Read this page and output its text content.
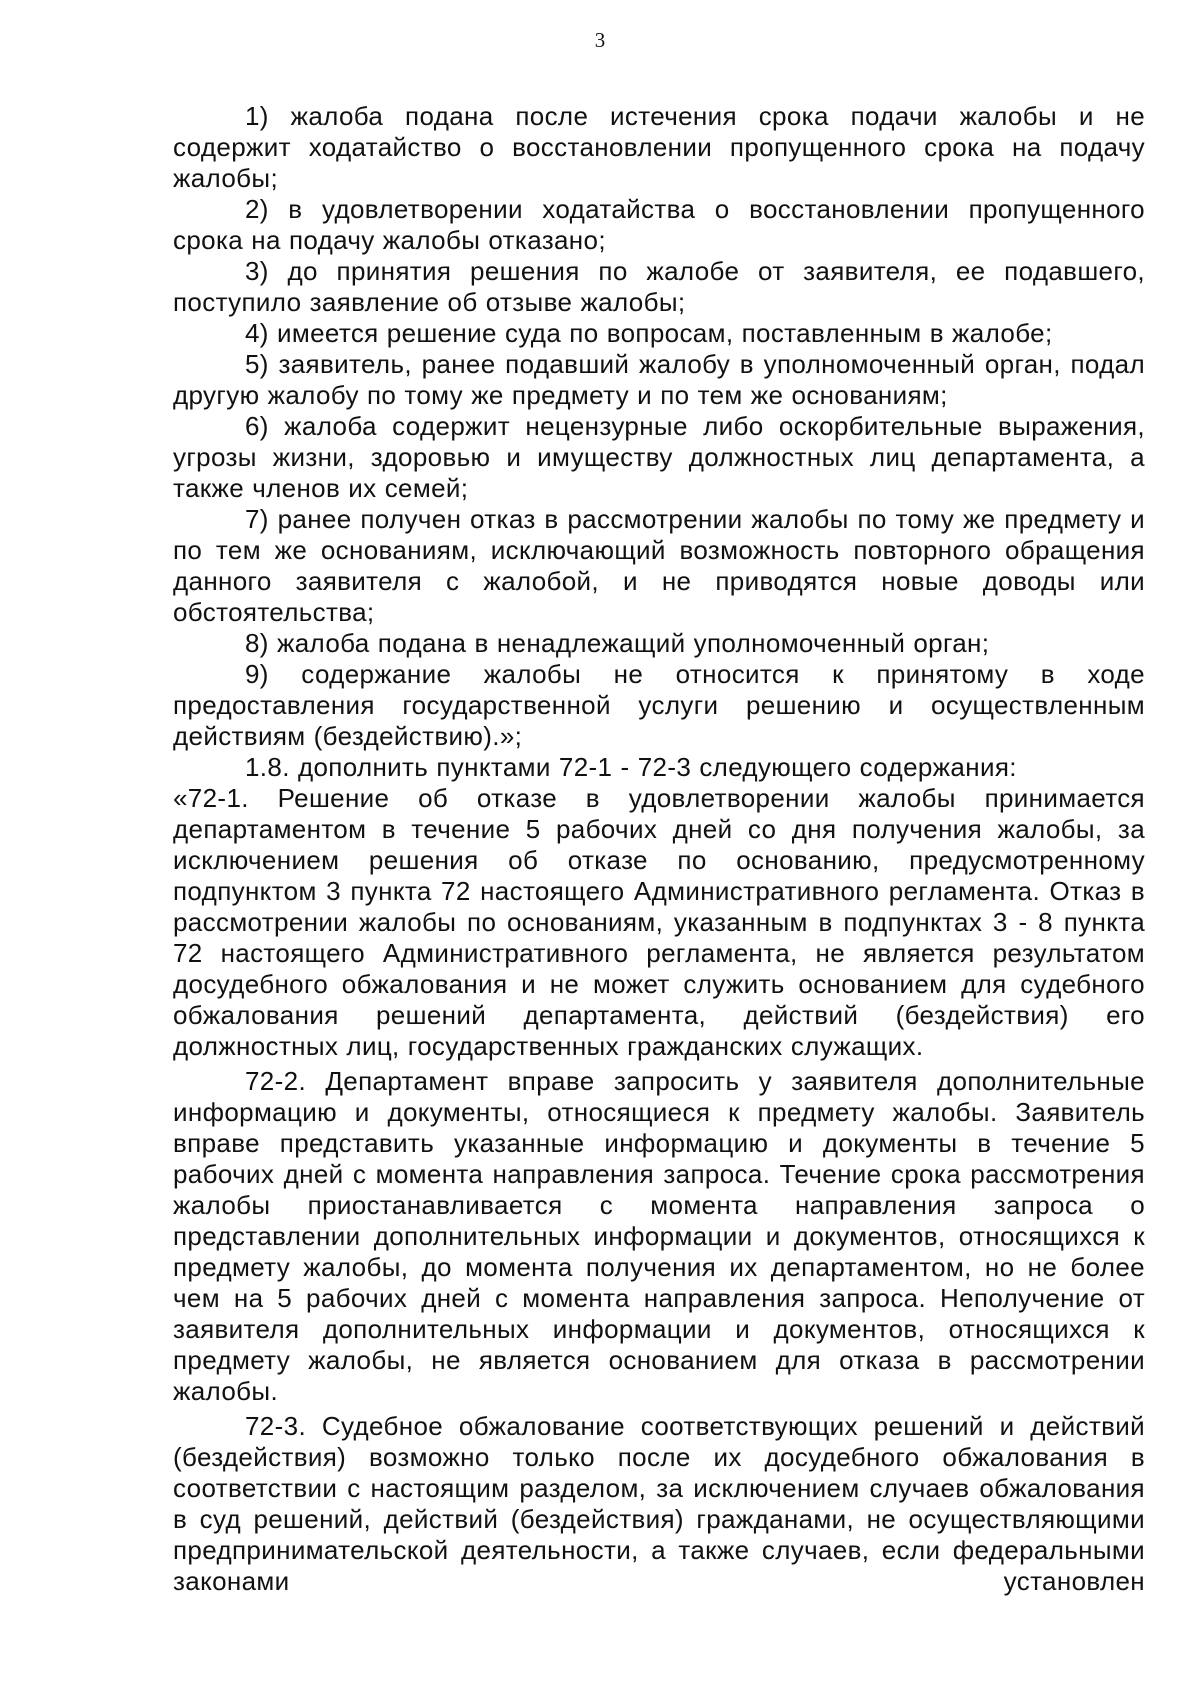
3

1) жалоба подана после истечения срока подачи жалобы и не содержит ходатайство о восстановлении пропущенного срока на подачу жалобы;

2) в удовлетворении ходатайства о восстановлении пропущенного срока на подачу жалобы отказано;

3) до принятия решения по жалобе от заявителя, ее подавшего, поступило заявление об отзыве жалобы;

4) имеется решение суда по вопросам, поставленным в жалобе;

5) заявитель, ранее подавший жалобу в уполномоченный орган, подал другую жалобу по тому же предмету и по тем же основаниям;

6) жалоба содержит нецензурные либо оскорбительные выражения, угрозы жизни, здоровью и имуществу должностных лиц департамента, а также членов их семей;

7) ранее получен отказ в рассмотрении жалобы по тому же предмету и по тем же основаниям, исключающий возможность повторного обращения данного заявителя с жалобой, и не приводятся новые доводы или обстоятельства;

8) жалоба подана в ненадлежащий уполномоченный орган;

9) содержание жалобы не относится к принятому в ходе предоставления государственной услуги решению и осуществленным действиям (бездействию).»;

1.8. дополнить пунктами 72-1 - 72-3 следующего содержания:

«72-1. Решение об отказе в удовлетворении жалобы принимается департаментом в течение 5 рабочих дней со дня получения жалобы, за исключением решения об отказе по основанию, предусмотренному подпунктом 3 пункта 72 настоящего Административного регламента. Отказ в рассмотрении жалобы по основаниям, указанным в подпунктах 3 - 8 пункта 72 настоящего Административного регламента, не является результатом досудебного обжалования и не может служить основанием для судебного обжалования решений департамента, действий (бездействия) его должностных лиц, государственных гражданских служащих.

72-2. Департамент вправе запросить у заявителя дополнительные информацию и документы, относящиеся к предмету жалобы. Заявитель вправе представить указанные информацию и документы в течение 5 рабочих дней с момента направления запроса. Течение срока рассмотрения жалобы приостанавливается с момента направления запроса о представлении дополнительных информации и документов, относящихся к предмету жалобы, до момента получения их департаментом, но не более чем на 5 рабочих дней с момента направления запроса. Неполучение от заявителя дополнительных информации и документов, относящихся к предмету жалобы, не является основанием для отказа в рассмотрении жалобы.

72-3. Судебное обжалование соответствующих решений и действий (бездействия) возможно только после их досудебного обжалования в соответствии с настоящим разделом, за исключением случаев обжалования в суд решений, действий (бездействия) гражданами, не осуществляющими предпринимательской деятельности, а также случаев, если федеральными законами установлен
